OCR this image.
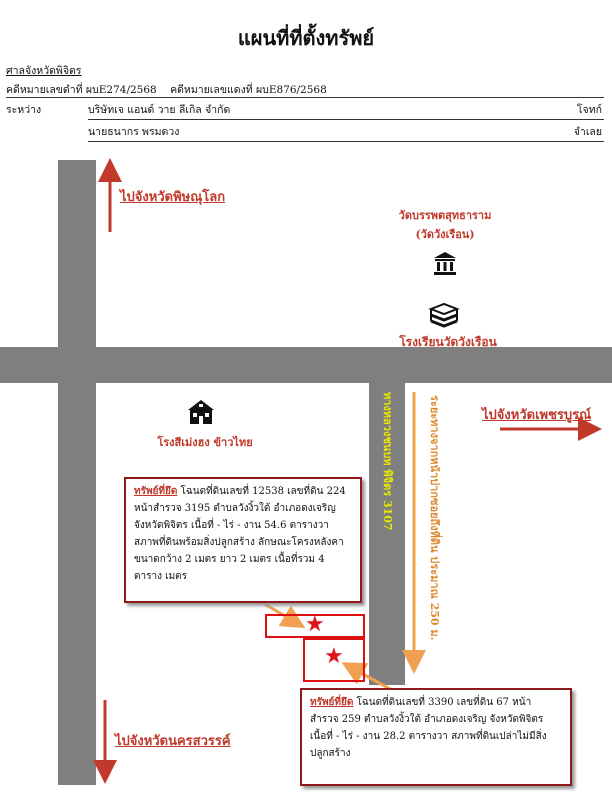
แผนที่ที่ตั้งทรัพย์
ศาลจังหวัดพิจิตร
คดีหมายเลขดำที่ ผบE274/2568 คดีหมายเลขแดงที่ ผบE876/2568
ระหว่าง	บริษัทเจ แอนด์ วาย ลีเกิล จำกัด	โจทก์
นายธนากร พรมดวง	จำเลย
ไปจังหวัดพิษณุโลก
ไปจังหวัดนครสวรรค์
ไปจังหวัดเพชรบูรณ์
วัดบรรพตสุทธาราม
(วัดวังเรือน)
โรงเรียนวัดวังเรือน
โรงสีเม่งฮง ข้าวไทย	ทางหลวงชนบท พิจิตร 3107	ระยะทางจากหน้าปากซอยถึงที่ดิน ประมาณ 250 ม.
ทรัพย์ที่ยึด โฉนดที่ดินเลขที่ 12538 เลขที่ดิน 224 หน้าสำรวจ 3195 ตำบลวังงิ้วใต้ อำเภอดงเจริญ จังหวัดพิจิตร เนื้อที่ - ไร่ - งาน 54.6 ตารางวา สภาพที่ดินพร้อมสิ่งปลูกสร้าง ลักษณะโครงหลังคา ขนาดกว้าง 2 เมตร ยาว 2 เมตร เนื้อที่รวม 4 ตาราง เมตร
★
★
ทรัพย์ที่ยึด โฉนดที่ดินเลขที่ 3390 เลขที่ดิน 67 หน้า สำรวจ 259 ตำบลวังงิ้วใต้ อำเภอดงเจริญ จังหวัดพิจิตร เนื้อที่ - ไร่ - งาน 28.2 ตารางวา สภาพที่ดินเปล่าไม่มีสิ่งปลูกสร้าง
